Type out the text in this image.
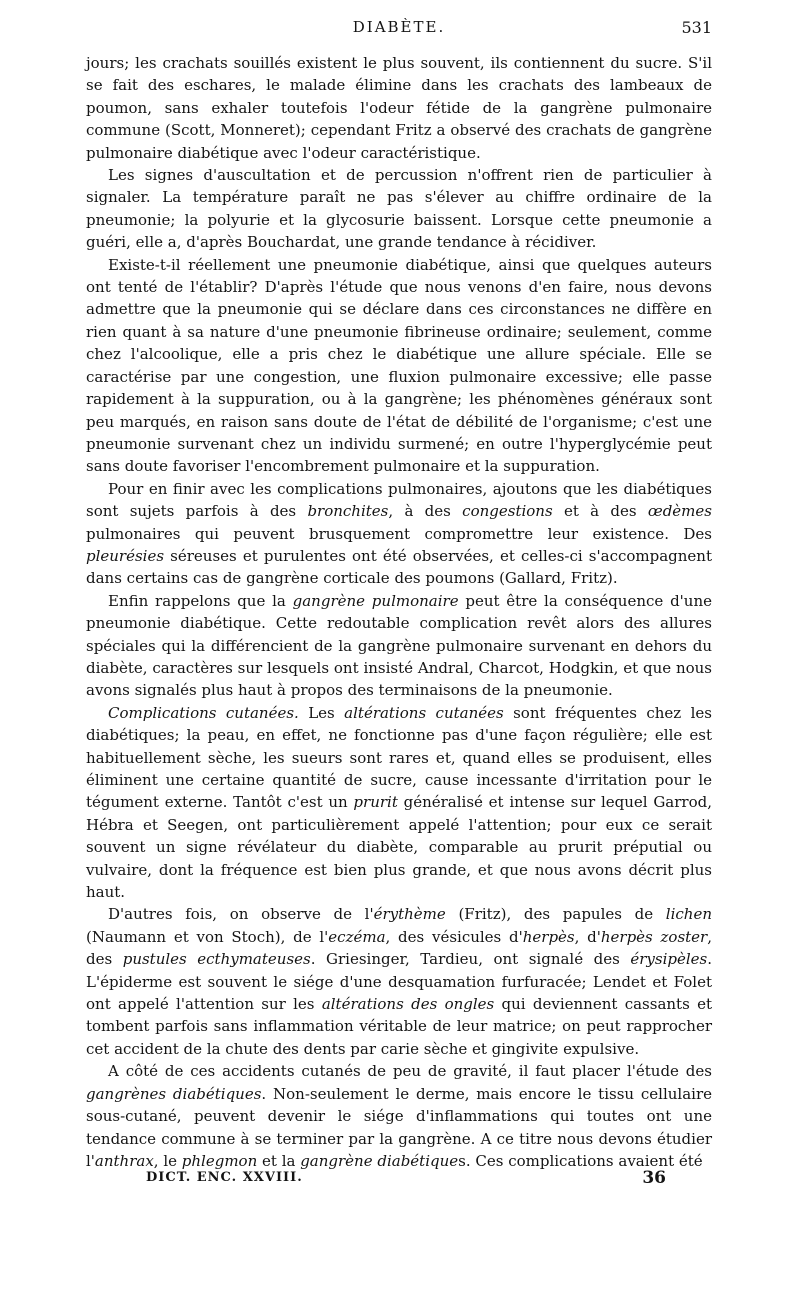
DIABÈTE.	531

jours; les crachats souillés existent le plus souvent, ils contiennent du sucre. S'il se fait des eschares, le malade élimine dans les crachats des lambeaux de poumon, sans exhaler toutefois l'odeur fétide de la gangrène pulmonaire commune (Scott, Monneret); cependant Fritz a observé des crachats de gangrène pulmonaire diabétique avec l'odeur caractéristique.

Les signes d'auscultation et de percussion n'offrent rien de particulier à signaler. La température paraît ne pas s'élever au chiffre ordinaire de la pneumonie; la polyurie et la glycosurie baissent. Lorsque cette pneumonie a guéri, elle a, d'après Bouchardat, une grande tendance à récidiver.

Existe-t-il réellement une pneumonie diabétique, ainsi que quelques auteurs ont tenté de l'établir? D'après l'étude que nous venons d'en faire, nous devons admettre que la pneumonie qui se déclare dans ces circonstances ne diffère en rien quant à sa nature d'une pneumonie fibrineuse ordinaire; seulement, comme chez l'alcoolique, elle a pris chez le diabétique une allure spéciale. Elle se caractérise par une congestion, une fluxion pulmonaire excessive; elle passe rapidement à la suppuration, ou à la gangrène; les phénomènes généraux sont peu marqués, en raison sans doute de l'état de débilité de l'organisme; c'est une pneumonie survenant chez un individu surmené; en outre l'hyperglycémie peut sans doute favoriser l'encombrement pulmonaire et la suppuration.

Pour en finir avec les complications pulmonaires, ajoutons que les diabétiques sont sujets parfois à des bronchites, à des congestions et à des œdèmes pulmonaires qui peuvent brusquement compromettre leur existence. Des pleurésies séreuses et purulentes ont été observées, et celles-ci s'accompagnent dans certains cas de gangrène corticale des poumons (Gallard, Fritz).

Enfin rappelons que la gangrène pulmonaire peut être la conséquence d'une pneumonie diabétique. Cette redoutable complication revêt alors des allures spéciales qui la différencient de la gangrène pulmonaire survenant en dehors du diabète, caractères sur lesquels ont insisté Andral, Charcot, Hodgkin, et que nous avons signalés plus haut à propos des terminaisons de la pneumonie.

Complications cutanées. Les altérations cutanées sont fréquentes chez les diabétiques; la peau, en effet, ne fonctionne pas d'une façon régulière; elle est habituellement sèche, les sueurs sont rares et, quand elles se produisent, elles éliminent une certaine quantité de sucre, cause incessante d'irritation pour le tégument externe. Tantôt c'est un prurit généralisé et intense sur lequel Garrod, Hébra et Seegen, ont particulièrement appelé l'attention; pour eux ce serait souvent un signe révélateur du diabète, comparable au prurit préputial ou vulvaire, dont la fréquence est bien plus grande, et que nous avons décrit plus haut.

D'autres fois, on observe de l'érythème (Fritz), des papules de lichen (Naumann et von Stoch), de l'eczéma, des vésicules d'herpès, d'herpès zoster, des pustules ecthymateuses. Griesinger, Tardieu, ont signalé des érysipèles. L'épiderme est souvent le siége d'une desquamation furfuracée; Lendet et Folet ont appelé l'attention sur les altérations des ongles qui deviennent cassants et tombent parfois sans inflammation véritable de leur matrice; on peut rapprocher cet accident de la chute des dents par carie sèche et gingivite expulsive.

A côté de ces accidents cutanés de peu de gravité, il faut placer l'étude des gangrènes diabétiques. Non-seulement le derme, mais encore le tissu cellulaire sous-cutané, peuvent devenir le siége d'inflammations qui toutes ont une tendance commune à se terminer par la gangrène. A ce titre nous devons étudier l'anthrax, le phlegmon et la gangrène diabétiques. Ces complications avaient été

DICT. ENC. XXVIII.	36
